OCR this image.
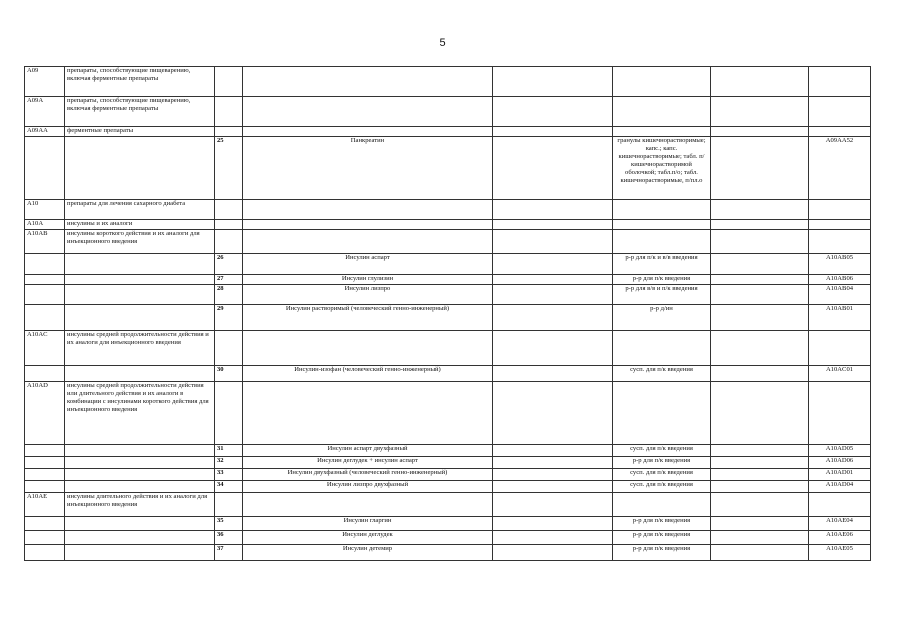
5
A09	препараты, способствующие пищеварению, включая ферментные препараты						
A09A	препараты, способствующие пищеварению, включая ферментные препараты						
A09AA	ферментные препараты						
		25	Панкреатин		гранулы кишечнорастворимые; капс.; капс. кишечнорастворимые; табл. п/кишечнорастворимой оболочкой; табл.п/о; табл. кишечнорастворимые, п/пл.о		A09AA52
A10	препараты для лечения сахарного диабета						
A10A	инсулины и их аналоги						
A10AB	инсулины короткого действия и их аналоги для инъекционного введения						
		26	Инсулин аспарт		р-р для п/к и в/в введения		A10AB05
		27	Инсулин глулизин		р-р для п/к введения		A10AB06
		28	Инсулин лизпро		р-р для в/в и п/к введения		A10AB04
		29	Инсулин растворимый (человеческий генно-инженерный)		р-р д/ин		A10AB01
A10AC	инсулины средней продолжительности действия и их аналоги для инъекционного введения						
		30	Инсулин-изофан (человеческий генно-инженерный)		сусп. для п/к введения		A10AC01
A10AD	инсулины средней продолжительности действия или длительного действия и их аналоги в комбинации с инсулинами короткого действия для инъекционного введения						
		31	Инсулин аспарт двухфазный		сусп. для п/к введения		A10AD05
		32	Инсулин деглудек + инсулин аспарт		р-р для п/к введения		A10AD06
		33	Инсулин двухфазный (человеческий генно-инженерный)		сусп. для п/к введения		A10AD01
		34	Инсулин лизпро двухфазный		сусп. для п/к введения		A10AD04
A10AE	инсулины длительного действия и их аналоги для инъекционного введения						
		35	Инсулин гларгин		р-р для п/к введения		A10AE04
		36	Инсулин деглудек		р-р для п/к введения		A10AE06
		37	Инсулин детемир		р-р для п/к введения		A10AE05
